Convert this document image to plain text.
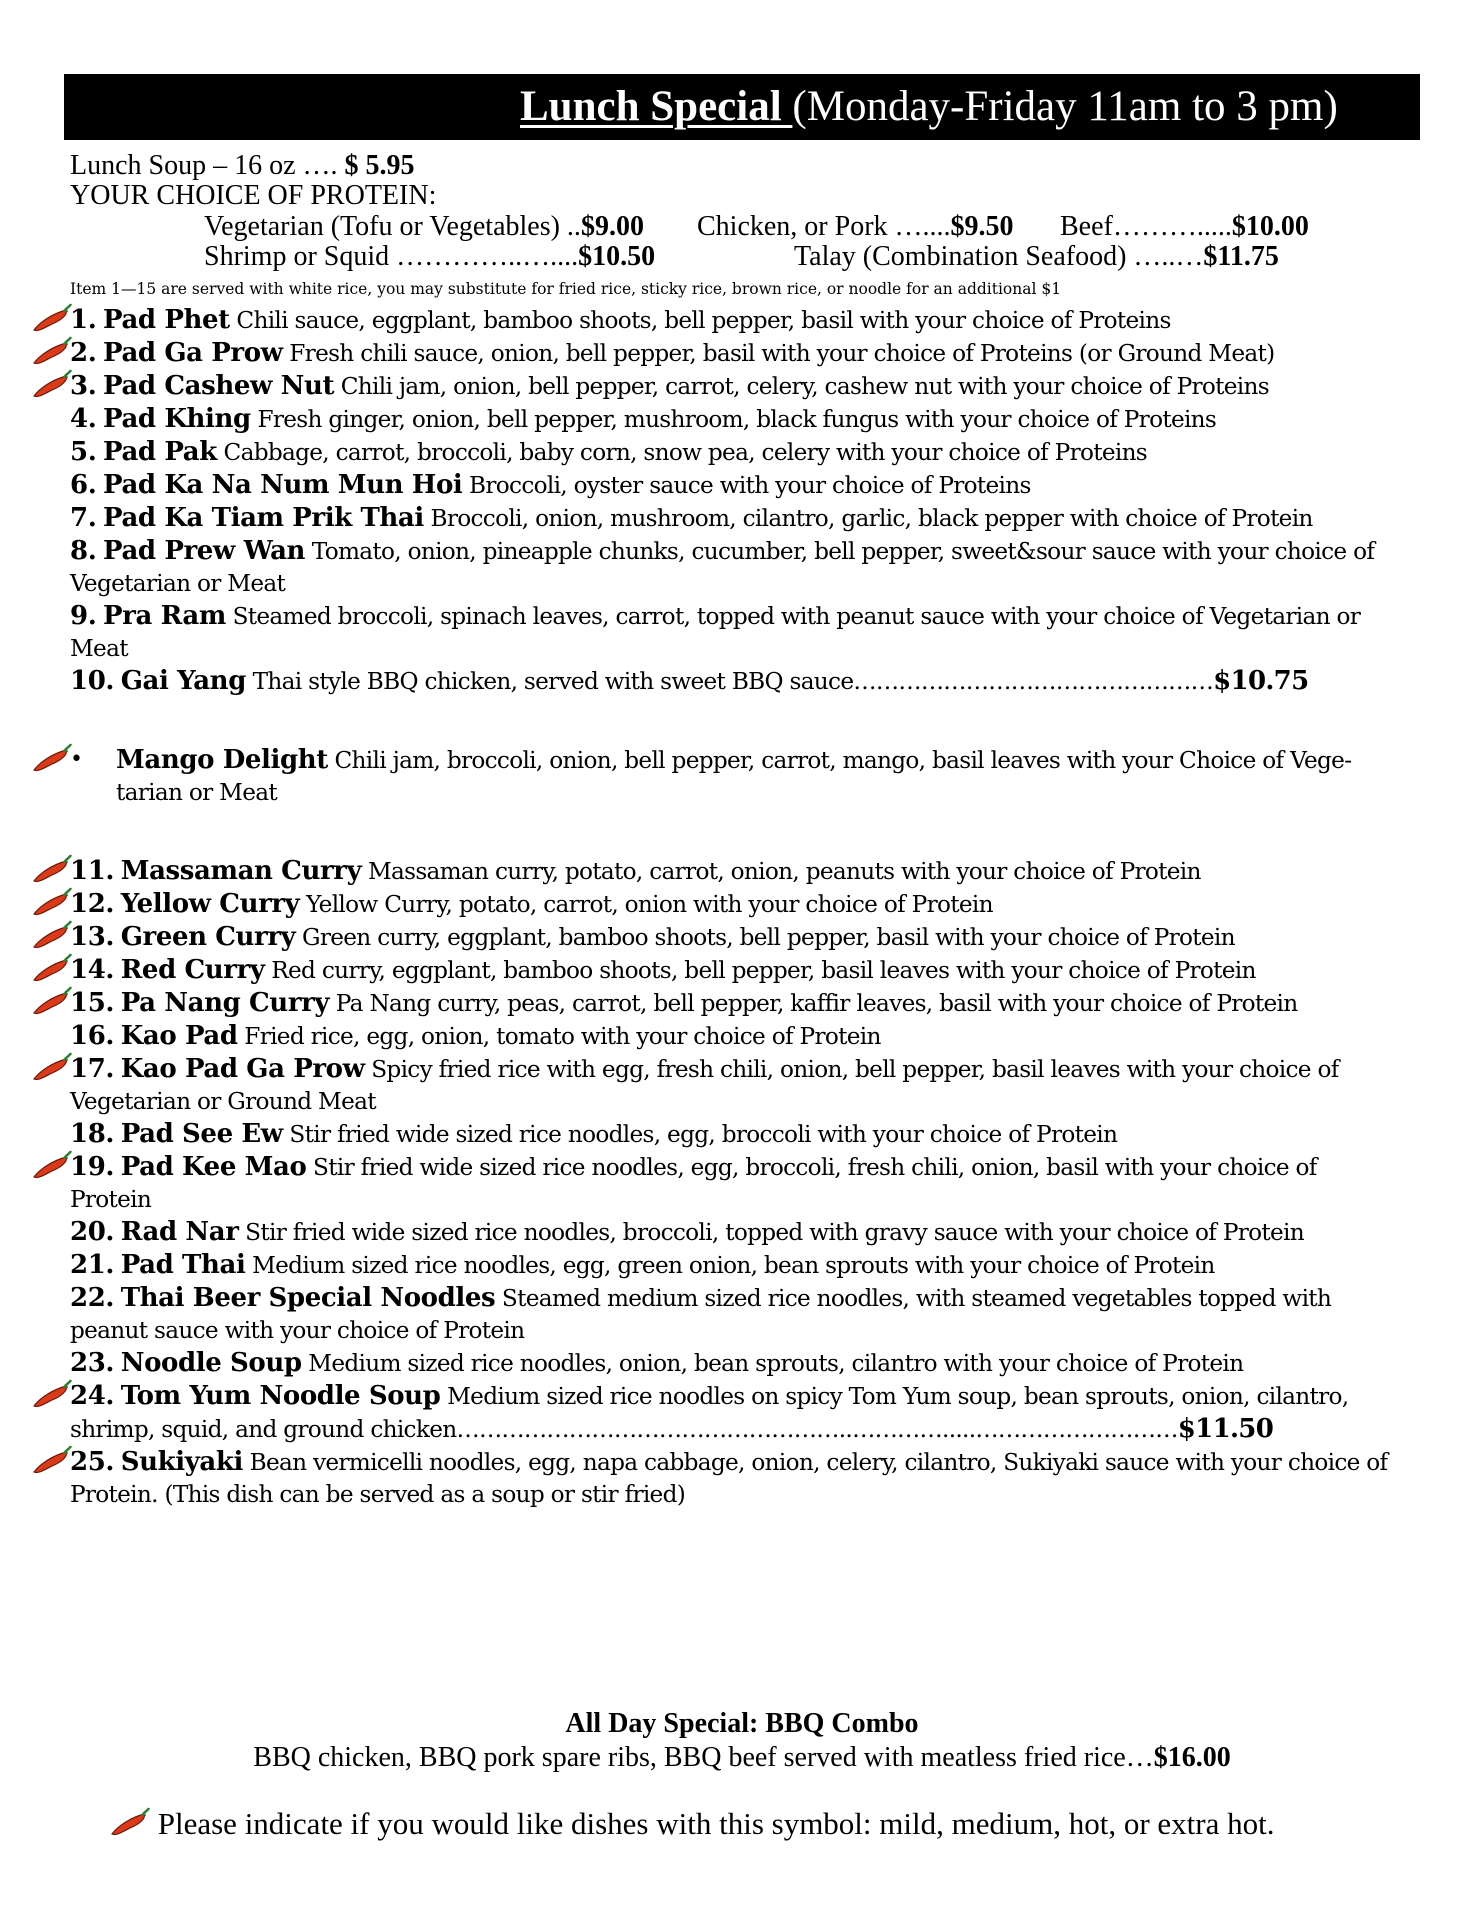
Lunch Special (Monday-Friday 11am to 3 pm)
Lunch Soup – 16 oz …. $ 5.95
YOUR CHOICE OF PROTEIN:
Vegetarian (Tofu or Vegetables) ..$9.00 Chicken, or Pork …....$9.50 Beef……….....$10.00
Shrimp or Squid …………..…....$10.50	Talay (Combination Seafood) …..…$11.75
Item 1—15 are served with white rice, you may substitute for fried rice, sticky rice, brown rice, or noodle for an additional $1
1. Pad Phet Chili sauce, eggplant, bamboo shoots, bell pepper, basil with your choice of Proteins
2. Pad Ga Prow Fresh chili sauce, onion, bell pepper, basil with your choice of Proteins (or Ground Meat)
3. Pad Cashew Nut Chili jam, onion, bell pepper, carrot, celery, cashew nut with your choice of Proteins
4. Pad Khing Fresh ginger, onion, bell pepper, mushroom, black fungus with your choice of Proteins
5. Pad Pak Cabbage, carrot, broccoli, baby corn, snow pea, celery with your choice of Proteins
6. Pad Ka Na Num Mun Hoi Broccoli, oyster sauce with your choice of Proteins
7. Pad Ka Tiam Prik Thai Broccoli, onion, mushroom, cilantro, garlic, black pepper with choice of Protein
8. Pad Prew Wan Tomato, onion, pineapple chunks, cucumber, bell pepper, sweet&sour sauce with your choice of Vegetarian or Meat
9. Pra Ram Steamed broccoli, spinach leaves, carrot, topped with peanut sauce with your choice of Vegetarian or Meat
10. Gai Yang Thai style BBQ chicken, served with sweet BBQ sauce…………………………………………$10.75
• Mango Delight Chili jam, broccoli, onion, bell pepper, carrot, mango, basil leaves with your Choice of Vege-tarian or Meat
11. Massaman Curry Massaman curry, potato, carrot, onion, peanuts with your choice of Protein
12. Yellow Curry Yellow Curry, potato, carrot, onion with your choice of Protein
13. Green Curry Green curry, eggplant, bamboo shoots, bell pepper, basil with your choice of Protein
14. Red Curry Red curry, eggplant, bamboo shoots, bell pepper, basil leaves with your choice of Protein
15. Pa Nang Curry Pa Nang curry, peas, carrot, bell pepper, kaffir leaves, basil with your choice of Protein
16. Kao Pad Fried rice, egg, onion, tomato with your choice of Protein
17. Kao Pad Ga Prow Spicy fried rice with egg, fresh chili, onion, bell pepper, basil leaves with your choice of Vegetarian or Ground Meat
18. Pad See Ew Stir fried wide sized rice noodles, egg, broccoli with your choice of Protein
19. Pad Kee Mao Stir fried wide sized rice noodles, egg, broccoli, fresh chili, onion, basil with your choice of Protein
20. Rad Nar Stir fried wide sized rice noodles, broccoli, topped with gravy sauce with your choice of Protein
21. Pad Thai Medium sized rice noodles, egg, green onion, bean sprouts with your choice of Protein
22. Thai Beer Special Noodles Steamed medium sized rice noodles, with steamed vegetables topped with peanut sauce with your choice of Protein
23. Noodle Soup Medium sized rice noodles, onion, bean sprouts, cilantro with your choice of Protein
24. Tom Yum Noodle Soup Medium sized rice noodles on spicy Tom Yum soup, bean sprouts, onion, cilantro, shrimp, squid, and ground chicken……………………………………………..………….....………………………$11.50
25. Sukiyaki Bean vermicelli noodles, egg, napa cabbage, onion, celery, cilantro, Sukiyaki sauce with your choice of Protein. (This dish can be served as a soup or stir fried)
All Day Special: BBQ Combo
BBQ chicken, BBQ pork spare ribs, BBQ beef served with meatless fried rice…$16.00
Please indicate if you would like dishes with this symbol: mild, medium, hot, or extra hot.
